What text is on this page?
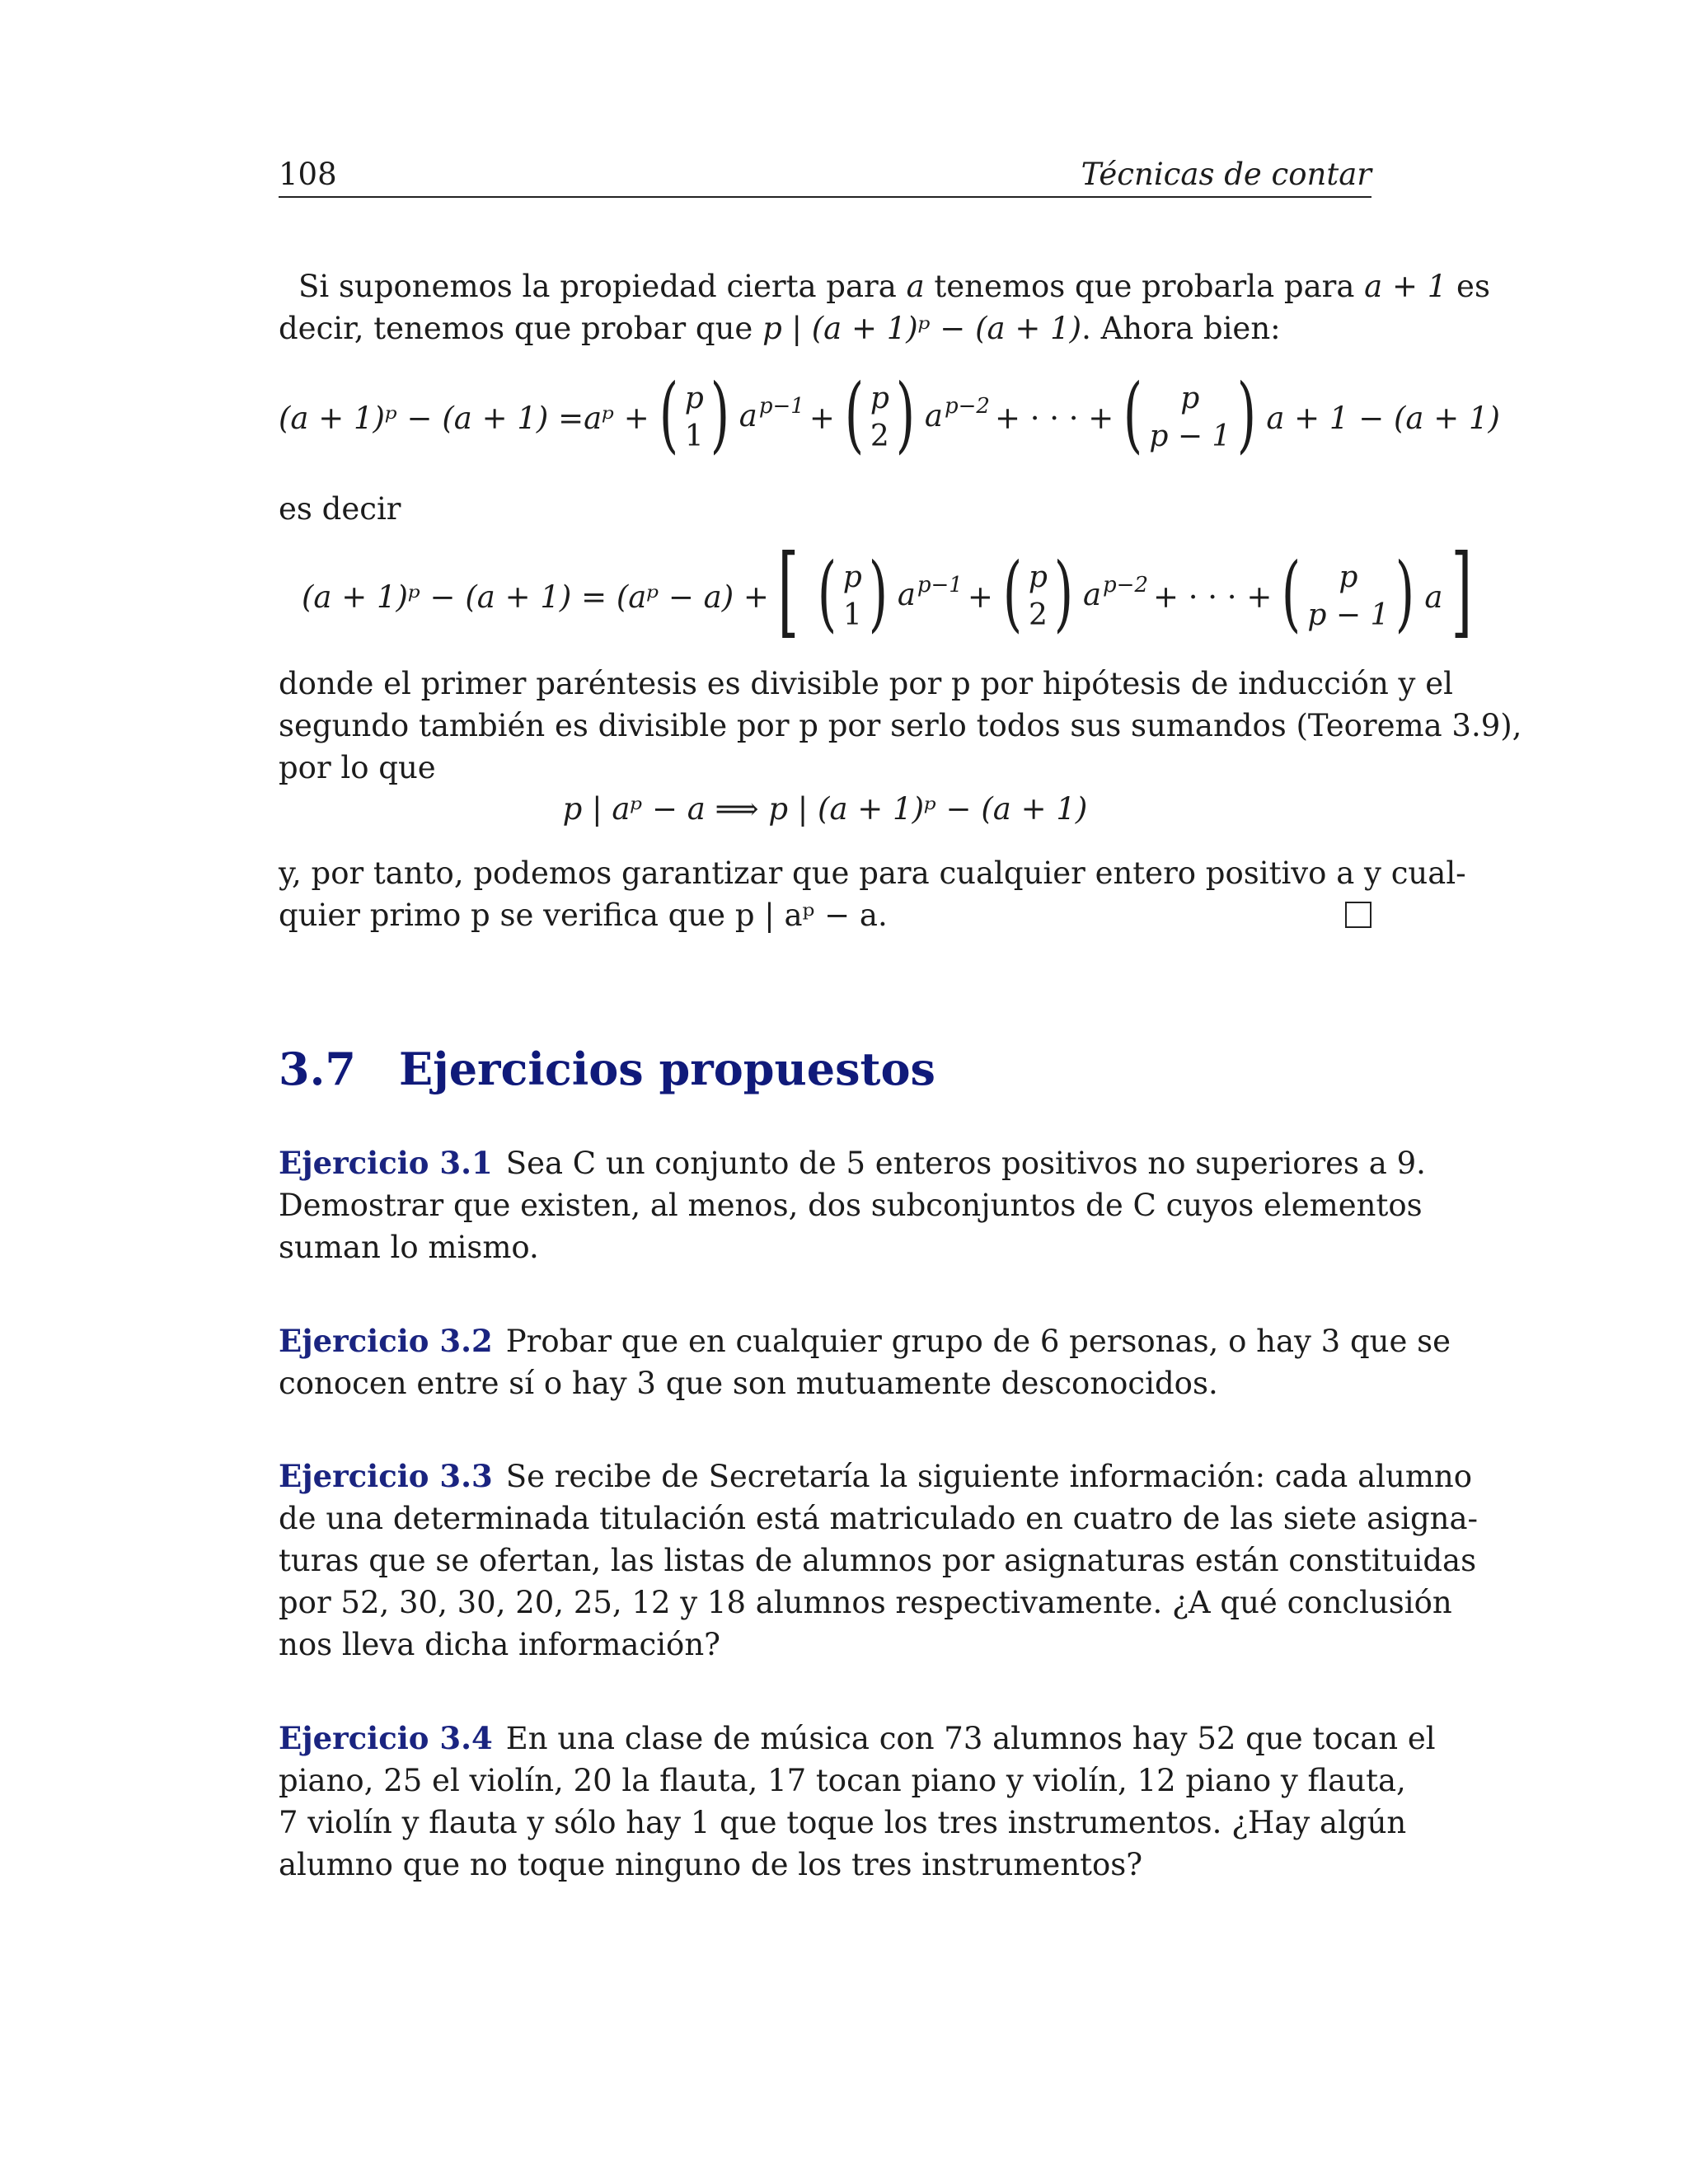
108	Técnicas de contar
Si suponemos la propiedad cierta para a tenemos que probarla para a + 1 es
decir, tenemos que probar que p | (a + 1)ᵖ − (a + 1). Ahora bien:
(a + 1)ᵖ − (a + 1) = aᵖ + ( p
1 ) $a^{p-1}$ + ( p
2 ) $a^{p-2}$ + · · · + ( p
p − 1 ) a + 1 − (a + 1)
es decir
(a + 1)ᵖ − (a + 1) = (aᵖ − a) + [ ( p
1 ) $a^{p-1}$ + ( p
2 ) $a^{p-2}$ + · · · + ( p
p − 1 ) a ]
donde el primer paréntesis es divisible por p por hipótesis de inducción y el
segundo también es divisible por p por serlo todos sus sumandos (Teorema 3.9),
por lo que
p | aᵖ − a ⟹ p | (a + 1)ᵖ − (a + 1)
y, por tanto, podemos garantizar que para cualquier entero positivo a y cual-
quier primo p se verifica que p | aᵖ − a.
3.7 Ejercicios propuestos
Ejercicio 3.1 Sea C un conjunto de 5 enteros positivos no superiores a 9.
Demostrar que existen, al menos, dos subconjuntos de C cuyos elementos
suman lo mismo.
Ejercicio 3.2 Probar que en cualquier grupo de 6 personas, o hay 3 que se
conocen entre sí o hay 3 que son mutuamente desconocidos.
Ejercicio 3.3 Se recibe de Secretaría la siguiente información: cada alumno
de una determinada titulación está matriculado en cuatro de las siete asigna-
turas que se ofertan, las listas de alumnos por asignaturas están constituidas
por 52, 30, 30, 20, 25, 12 y 18 alumnos respectivamente. ¿A qué conclusión
nos lleva dicha información?
Ejercicio 3.4 En una clase de música con 73 alumnos hay 52 que tocan el
piano, 25 el violín, 20 la flauta, 17 tocan piano y violín, 12 piano y flauta,
7 violín y flauta y sólo hay 1 que toque los tres instrumentos. ¿Hay algún
alumno que no toque ninguno de los tres instrumentos?
